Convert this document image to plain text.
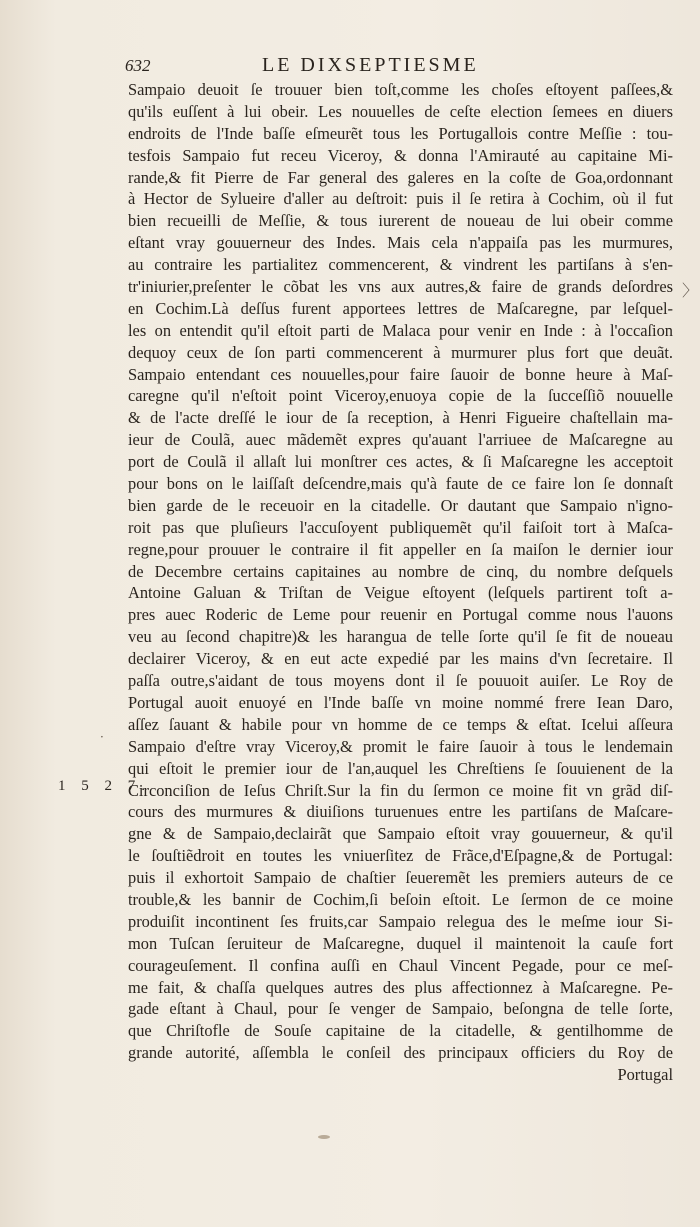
632	LE DIXSEPTIESME
〉
·
1 5 2 7.
Sampaio deuoit ſe trouuer bien toſt,comme les choſes eſtoyent paſſees,&
qu'ils euſſent à lui obeir. Les nouuelles de ceſte election ſemees en diuers
endroits de l'Inde baſſe eſmeurẽt tous les Portugallois contre Meſſie : tou-
tesfois Sampaio fut receu Viceroy, & donna l'Amirauté au capitaine Mi-
rande,& fit Pierre de Far general des galeres en la coſte de Goa,ordonnant
à Hector de Sylueire d'aller au deſtroit: puis il ſe retira à Cochim, où il fut
bien recueilli de Meſſie, & tous iurerent de noueau de lui obeir comme
eſtant vray gouuerneur des Indes. Mais cela n'appaiſa pas les murmures,
au contraire les partialitez commencerent, & vindrent les partiſans à s'en-
tr'iniurier,preſenter le cõbat les vns aux autres,& faire de grands deſordres
en Cochim.Là deſſus furent apportees lettres de Maſcaregne, par leſquel-
les on entendit qu'il eſtoit parti de Malaca pour venir en Inde : à l'occaſion
dequoy ceux de ſon parti commencerent à murmurer plus fort que deuãt.
Sampaio entendant ces nouuelles,pour faire ſauoir de bonne heure à Maſ-
caregne qu'il n'eſtoit point Viceroy,enuoya copie de la ſucceſſiõ nouuelle
& de l'acte dreſſé le iour de ſa reception, à Henri Figueire chaſtellain ma-
ieur de Coulã, auec mãdemẽt expres qu'auant l'arriuee de Maſcaregne au
port de Coulã il allaſt lui monſtrer ces actes, & ſi Maſcaregne les acceptoit
pour bons on le laiſſaſt deſcendre,mais qu'à faute de ce faire lon ſe donnaſt
bien garde de le receuoir en la citadelle. Or dautant que Sampaio n'igno-
roit pas que pluſieurs l'accuſoyent publiquemẽt qu'il faiſoit tort à Maſca-
regne,pour prouuer le contraire il fit appeller en ſa maiſon le dernier iour
de Decembre certains capitaines au nombre de cinq, du nombre deſquels
Antoine Galuan & Triſtan de Veigue eſtoyent (leſquels partirent toſt a-
pres auec Roderic de Leme pour reuenir en Portugal comme nous l'auons
veu au ſecond chapitre)& les harangua de telle ſorte qu'il ſe fit de noueau
declairer Viceroy, & en eut acte expedié par les mains d'vn ſecretaire. Il
paſſa outre,s'aidant de tous moyens dont il ſe pouuoit auiſer. Le Roy de
Portugal auoit enuoyé en l'Inde baſſe vn moine nommé frere Iean Daro,
aſſez ſauant & habile pour vn homme de ce temps & eſtat. Icelui aſſeura
Sampaio d'eſtre vray Viceroy,& promit le faire ſauoir à tous le lendemain
qui eſtoit le premier iour de l'an,auquel les Chreſtiens ſe ſouuienent de la
Circonciſion de Ieſus Chriſt.Sur la fin du ſermon ce moine fit vn grãd diſ-
cours des murmures & diuiſions turuenues entre les partiſans de Maſcare-
gne & de Sampaio,declairãt que Sampaio eſtoit vray gouuerneur, & qu'il
le ſouſtiẽdroit en toutes les vniuerſitez de Frãce,d'Eſpagne,& de Portugal:
puis il exhortoit Sampaio de chaſtier ſeueremẽt les premiers auteurs de ce
trouble,& les bannir de Cochim,ſi beſoin eſtoit. Le ſermon de ce moine
produiſit incontinent ſes fruits,car Sampaio relegua des le meſme iour Si-
mon Tuſcan ſeruiteur de Maſcaregne, duquel il maintenoit la cauſe fort
courageuſement. Il confina auſſi en Chaul Vincent Pegade, pour ce meſ-
me fait, & chaſſa quelques autres des plus affectionnez à Maſcaregne. Pe-
gade eſtant à Chaul, pour ſe venger de Sampaio, beſongna de telle ſorte,
que Chriſtofle de Souſe capitaine de la citadelle, & gentilhomme de
grande autorité, aſſembla le conſeil des principaux officiers du Roy de
Portugal
